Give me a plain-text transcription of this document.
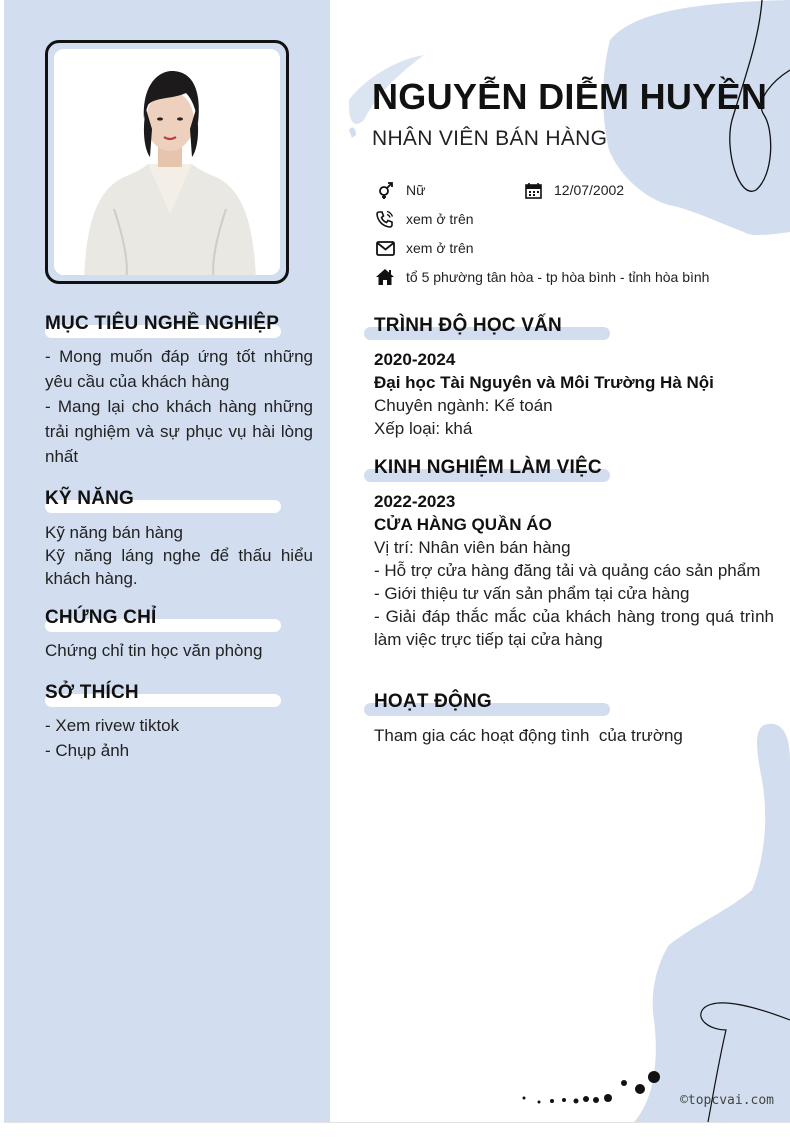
MỤC TIÊU NGHỀ NGHIỆP
- Mong muốn đáp ứng tốt những yêu cầu của khách hàng
- Mang lại cho khách hàng những trải nghiệm và sự phục vụ hài lòng nhất
KỸ NĂNG
Kỹ năng bán hàng
Kỹ năng láng nghe để thấu hiểu khách hàng.
CHỨNG CHỈ
Chứng chỉ tin học văn phòng
SỞ THÍCH
- Xem rivew tiktok
- Chụp ảnh
NGUYỄN DIỄM HUYỀN
NHÂN VIÊN BÁN HÀNG
Nữ	12/07/2002
xem ở trên
xem ở trên
tổ 5 phường tân hòa - tp hòa bình - tỉnh hòa bình
TRÌNH ĐỘ HỌC VẤN
2020-2024
Đại học Tài Nguyên và Môi Trường Hà Nội
Chuyên ngành: Kế toán
Xếp loại: khá
KINH NGHIỆM LÀM VIỆC
2022-2023
CỬA HÀNG QUẦN ÁO
Vị trí: Nhân viên bán hàng
- Hỗ trợ cửa hàng đăng tải và quảng cáo sản phẩm
- Giới thiệu tư vấn sản phẩm tại cửa hàng
- Giải đáp thắc mắc của khách hàng trong quá trình làm việc trực tiếp tại cửa hàng
HOẠT ĐỘNG
Tham gia các hoạt động tình  của trường
©topcvai.com
